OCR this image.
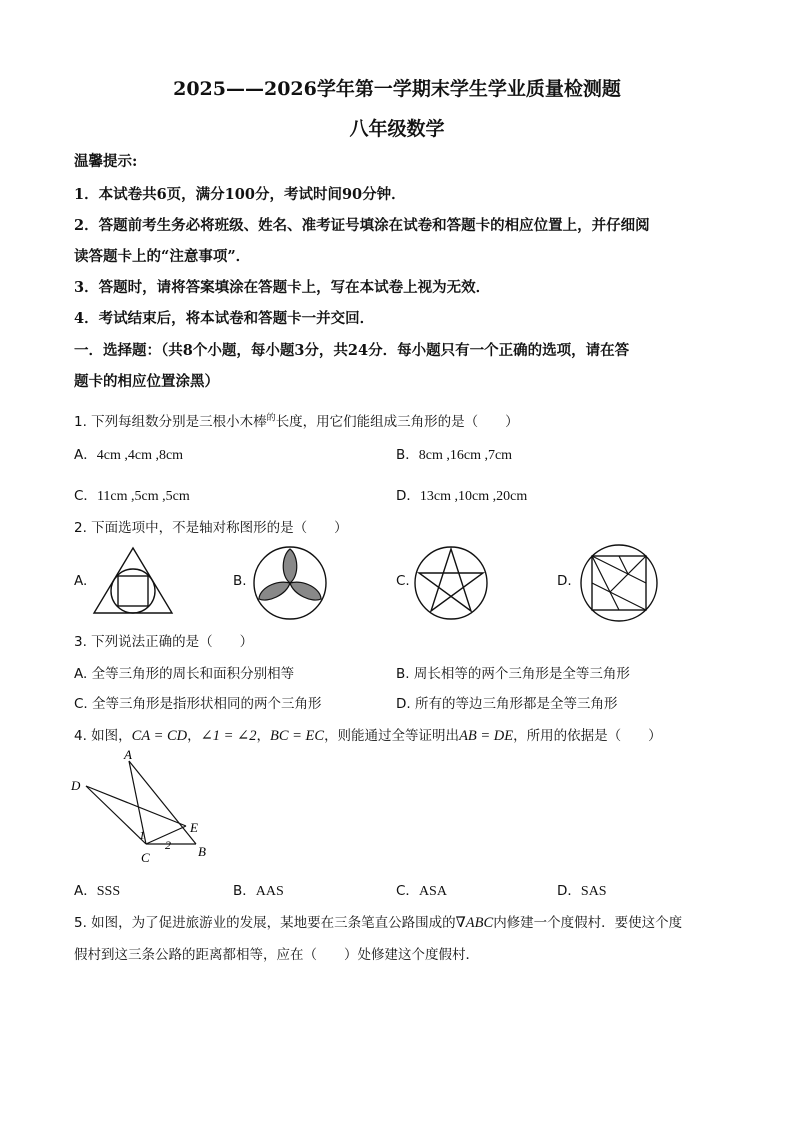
2025——2026学年第一学期末学生学业质量检测题
八年级数学
温馨提示:
1．本试卷共6页，满分100分，考试时间90分钟．
2．答题前考生务必将班级、姓名、准考证号填涂在试卷和答题卡的相应位置上，并仔细阅
读答题卡上的“注意事项”．
3．答题时，请将答案填涂在答题卡上，写在本试卷上视为无效．
4．考试结束后，将本试卷和答题卡一并交回．
一．选择题：（共8个小题，每小题3分，共24分．每小题只有一个正确的选项，请在答
题卡的相应位置涂黑）
1. 下列每组数分别是三根小木棒$^的$长度，用它们能组成三角形的是（　　）
A．4cm ,4cm ,8cm	B．8cm ,16cm ,7cm
C．11cm ,5cm ,5cm	D．13cm ,10cm ,20cm
2. 下面选项中，不是轴对称图形的是（　　）
A.	B.	C.	D.
3. 下列说法正确的是（　　）
A. 全等三角形的周长和面积分别相等	B. 周长相等的两个三角形是全等三角形
C. 全等三角形是指形状相同的两个三角形	D. 所有的等边三角形都是全等三角形
4. 如图，CA = CD，∠1 = ∠2，BC = EC，则能通过全等证明出AB = DE，所用的依据是（　　）
A
D
E
C	B
1
2
A．SSS	B．AAS	C．ASA	D．SAS
5. 如图，为了促进旅游业的发展，某地要在三条笔直公路围成的∇ABC内修建一个度假村．要使这个度
假村到这三条公路的距离都相等，应在（　　）处修建这个度假村．
